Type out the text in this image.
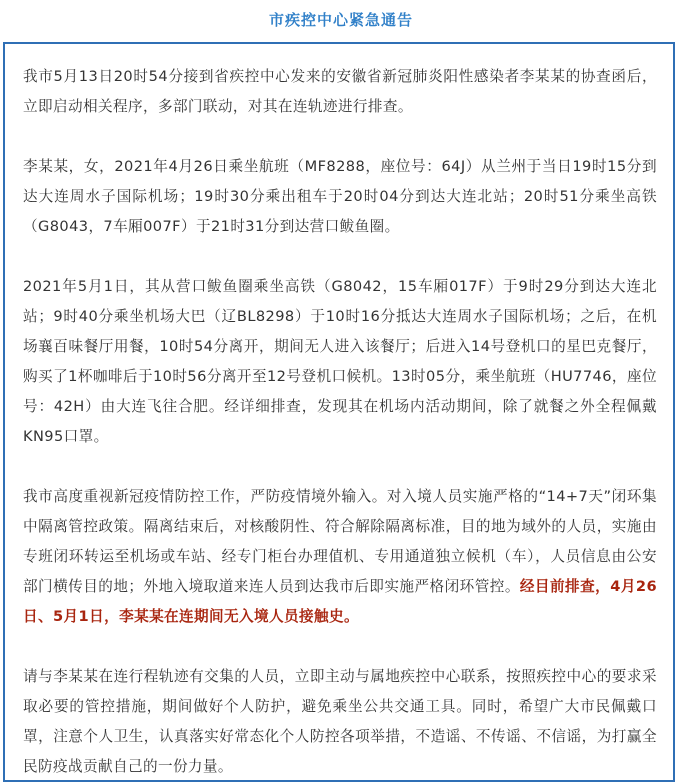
市疾控中心紧急通告

我市5月13日20时54分接到省疾控中心发来的安徽省新冠肺炎阳性感染者李某某的协查函后，立即启动相关程序，多部门联动，对其在连轨迹进行排查。

李某某，女，2021年4月26日乘坐航班（MF8288，座位号：64J）从兰州于当日19时15分到达大连周水子国际机场；19时30分乘出租车于20时04分到达大连北站；20时51分乘坐高铁（G8043，7车厢007F）于21时31分到达营口鲅鱼圈。

2021年5月1日，其从营口鲅鱼圈乘坐高铁（G8042，15车厢017F）于9时29分到达大连北站；9时40分乘坐机场大巴（辽BL8298）于10时16分抵达大连周水子国际机场；之后，在机场襄百味餐厅用餐，10时54分离开，期间无人进入该餐厅；后进入14号登机口的星巴克餐厅，购买了1杯咖啡后于10时56分离开至12号登机口候机。13时05分，乘坐航班（HU7746，座位号：42H）由大连飞往合肥。经详细排查，发现其在机场内活动期间，除了就餐之外全程佩戴KN95口罩。

我市高度重视新冠疫情防控工作，严防疫情境外输入。对入境人员实施严格的“14+7天”闭环集中隔离管控政策。隔离结束后，对核酸阴性、符合解除隔离标准，目的地为域外的人员，实施由专班闭环转运至机场或车站、经专门柜台办理值机、专用通道独立候机（车），人员信息由公安部门横传目的地；外地入境取道来连人员到达我市后即实施严格闭环管控。经目前排查，4月26日、5月1日，李某某在连期间无入境人员接触史。

请与李某某在连行程轨迹有交集的人员，立即主动与属地疾控中心联系，按照疾控中心的要求采取必要的管控措施，期间做好个人防护，避免乘坐公共交通工具。同时，希望广大市民佩戴口罩，注意个人卫生，认真落实好常态化个人防控各项举措，不造谣、不传谣、不信谣，为打赢全民防疫战贡献自己的一份力量。
